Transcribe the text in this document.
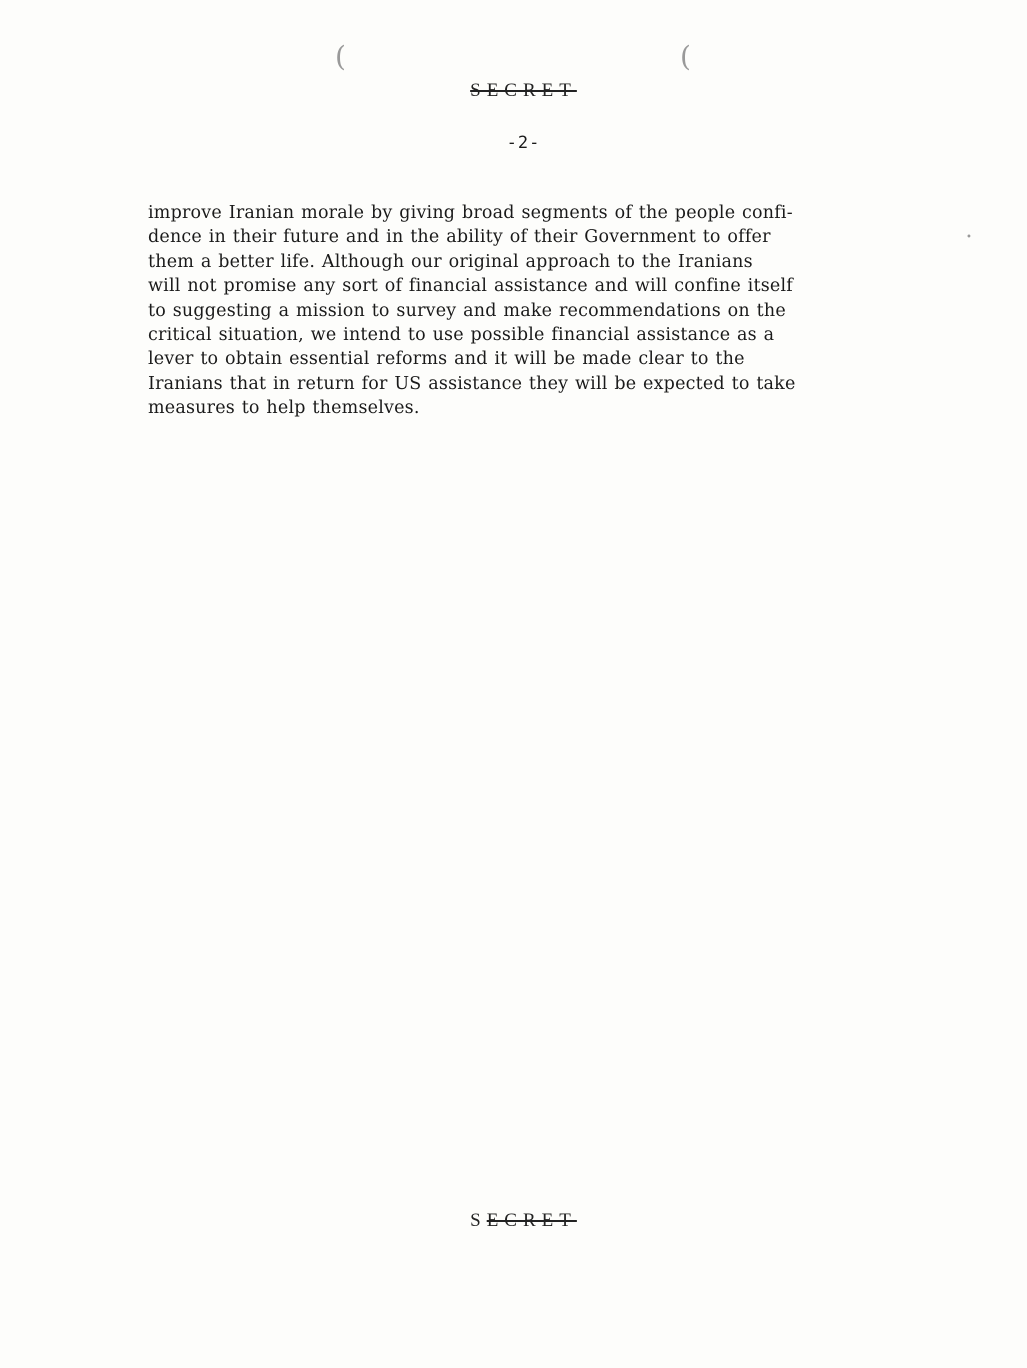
(	(
SECRET
-2-
improve Iranian morale by giving broad segments of the people confi-
dence in their future and in the ability of their Government to offer
them a better life. Although our original approach to the Iranians
will not promise any sort of financial assistance and will confine itself
to suggesting a mission to survey and make recommendations on the
critical situation, we intend to use possible financial assistance as a
lever to obtain essential reforms and it will be made clear to the
Iranians that in return for US assistance they will be expected to take
measures to help themselves.
•
SECRET
